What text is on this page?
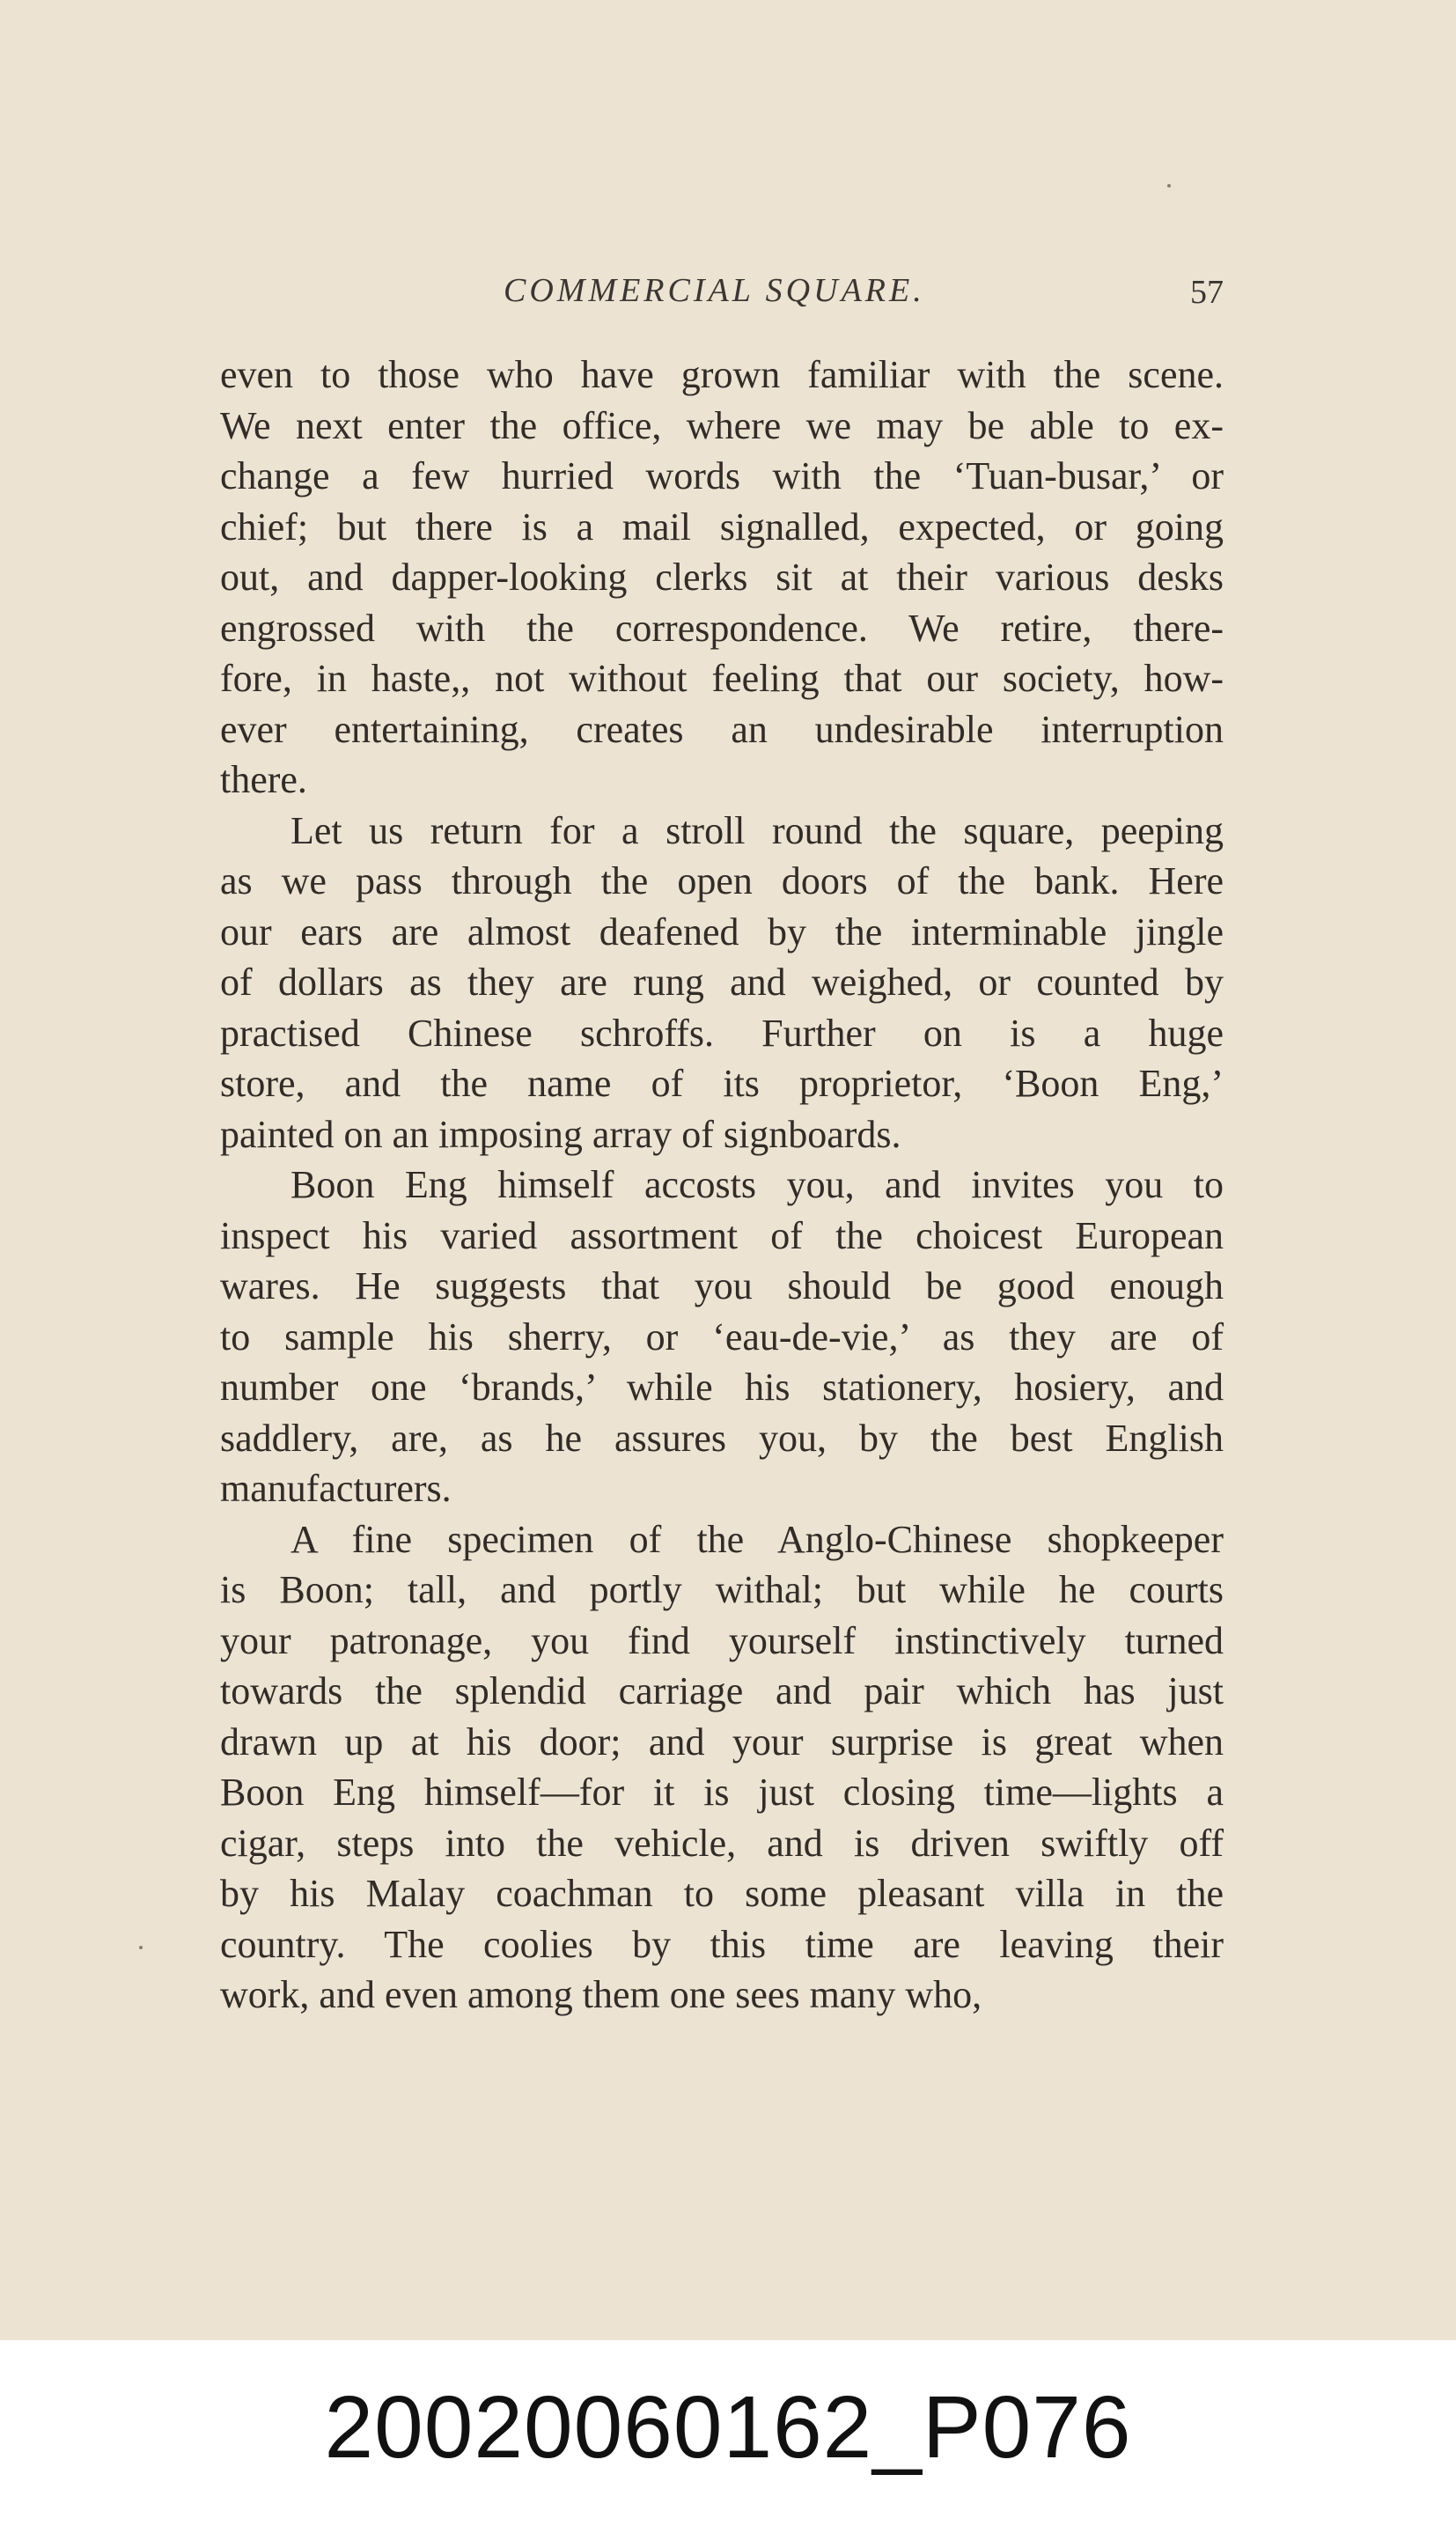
COMMERCIAL SQUARE.	57
even to those who have grown familiar with the scene.
We next enter the office, where we may be able to ex-
change a few hurried words with the ‘Tuan-busar,’ or
chief; but there is a mail signalled, expected, or going
out, and dapper-looking clerks sit at their various desks
engrossed with the correspondence. We retire, there-
fore, in haste,, not without feeling that our society, how-
ever entertaining, creates an undesirable interruption
there.
Let us return for a stroll round the square, peeping
as we pass through the open doors of the bank. Here
our ears are almost deafened by the interminable jingle
of dollars as they are rung and weighed, or counted by
practised Chinese schroffs. Further on is a huge
store, and the name of its proprietor, ‘Boon Eng,’
painted on an imposing array of signboards.
Boon Eng himself accosts you, and invites you to
inspect his varied assortment of the choicest European
wares. He suggests that you should be good enough
to sample his sherry, or ‘eau-de-vie,’ as they are of
number one ‘brands,’ while his stationery, hosiery, and
saddlery, are, as he assures you, by the best English
manufacturers.
A fine specimen of the Anglo-Chinese shopkeeper
is Boon; tall, and portly withal; but while he courts
your patronage, you find yourself instinctively turned
towards the splendid carriage and pair which has just
drawn up at his door; and your surprise is great when
Boon Eng himself—for it is just closing time—lights a
cigar, steps into the vehicle, and is driven swiftly off
by his Malay coachman to some pleasant villa in the
country. The coolies by this time are leaving their
work, and even among them one sees many who,
20020060162_P076
